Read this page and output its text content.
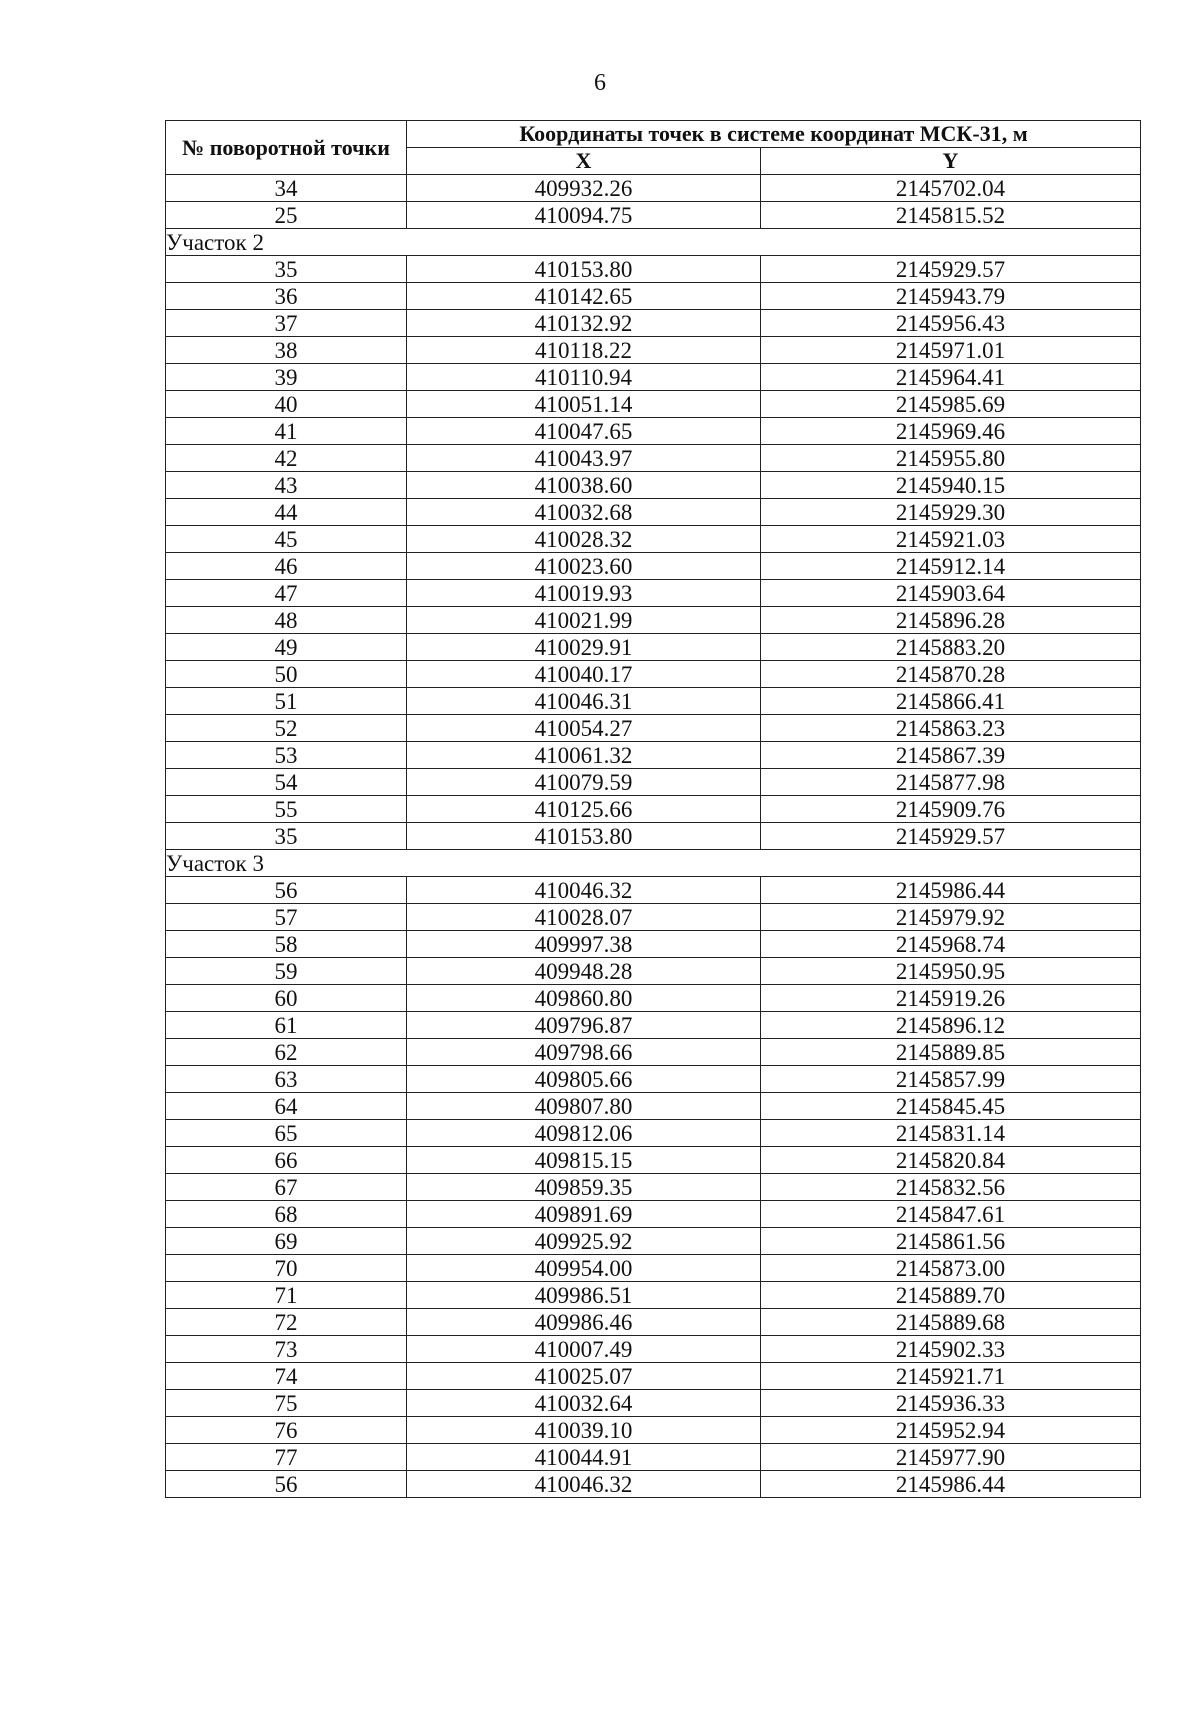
6
№ поворотной точки	Координаты точек в системе координат МСК-31, м	
	X	Y
34	409932.26	2145702.04
25	410094.75	2145815.52
Участок 2		
35	410153.80	2145929.57
36	410142.65	2145943.79
37	410132.92	2145956.43
38	410118.22	2145971.01
39	410110.94	2145964.41
40	410051.14	2145985.69
41	410047.65	2145969.46
42	410043.97	2145955.80
43	410038.60	2145940.15
44	410032.68	2145929.30
45	410028.32	2145921.03
46	410023.60	2145912.14
47	410019.93	2145903.64
48	410021.99	2145896.28
49	410029.91	2145883.20
50	410040.17	2145870.28
51	410046.31	2145866.41
52	410054.27	2145863.23
53	410061.32	2145867.39
54	410079.59	2145877.98
55	410125.66	2145909.76
35	410153.80	2145929.57
Участок 3		
56	410046.32	2145986.44
57	410028.07	2145979.92
58	409997.38	2145968.74
59	409948.28	2145950.95
60	409860.80	2145919.26
61	409796.87	2145896.12
62	409798.66	2145889.85
63	409805.66	2145857.99
64	409807.80	2145845.45
65	409812.06	2145831.14
66	409815.15	2145820.84
67	409859.35	2145832.56
68	409891.69	2145847.61
69	409925.92	2145861.56
70	409954.00	2145873.00
71	409986.51	2145889.70
72	409986.46	2145889.68
73	410007.49	2145902.33
74	410025.07	2145921.71
75	410032.64	2145936.33
76	410039.10	2145952.94
77	410044.91	2145977.90
56	410046.32	2145986.44
